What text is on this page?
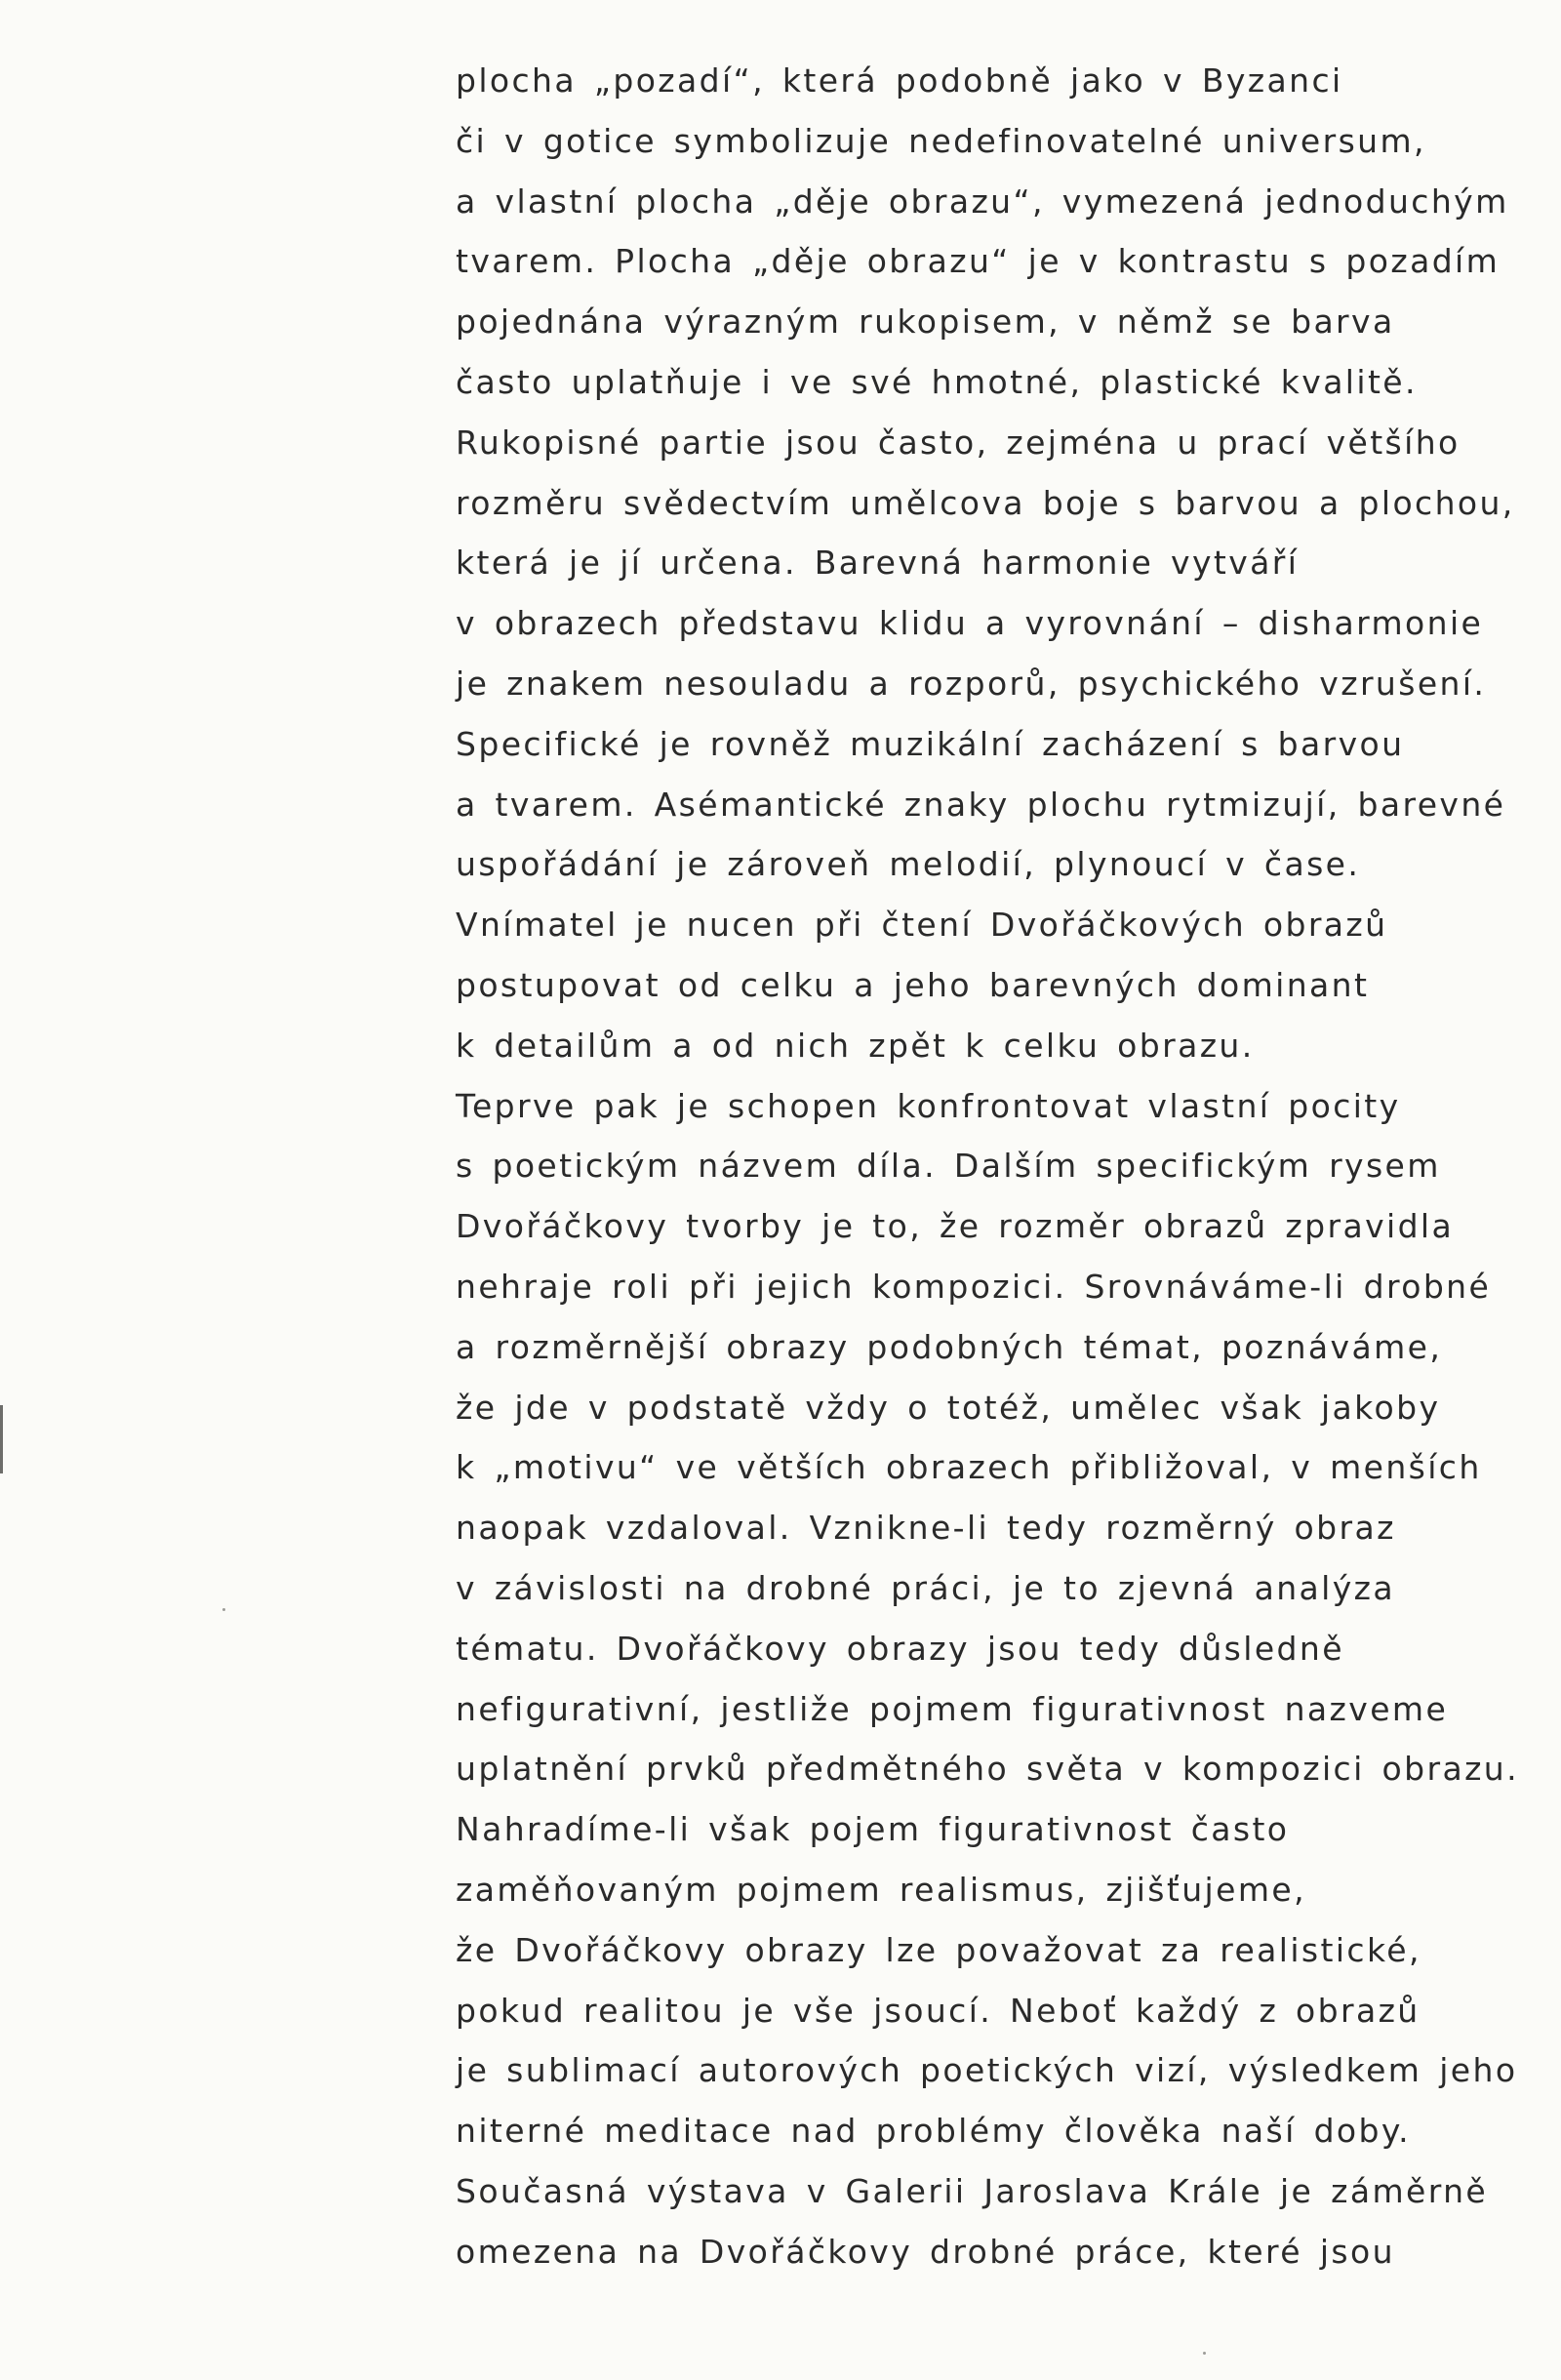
plocha „pozadí“, která podobně jako v Byzanci
či v gotice symbolizuje nedefinovatelné universum,
a vlastní plocha „děje obrazu“, vymezená jednoduchým
tvarem. Plocha „děje obrazu“ je v kontrastu s pozadím
pojednána výrazným rukopisem, v němž se barva
často uplatňuje i ve své hmotné, plastické kvalitě.
Rukopisné partie jsou často, zejména u prací většího
rozměru svědectvím umělcova boje s barvou a plochou,
která je jí určena. Barevná harmonie vytváří
v obrazech představu klidu a vyrovnání – disharmonie
je znakem nesouladu a rozporů, psychického vzrušení.
Specifické je rovněž muzikální zacházení s barvou
a tvarem. Asémantické znaky plochu rytmizují, barevné
uspořádání je zároveň melodií, plynoucí v čase.
Vnímatel je nucen při čtení Dvořáčkových obrazů
postupovat od celku a jeho barevných dominant
k detailům a od nich zpět k celku obrazu.
Teprve pak je schopen konfrontovat vlastní pocity
s poetickým názvem díla. Dalším specifickým rysem
Dvořáčkovy tvorby je to, že rozměr obrazů zpravidla
nehraje roli při jejich kompozici. Srovnáváme-li drobné
a rozměrnější obrazy podobných témat, poznáváme,
že jde v podstatě vždy o totéž, umělec však jakoby
k „motivu“ ve větších obrazech přibližoval, v menších
naopak vzdaloval. Vznikne-li tedy rozměrný obraz
v závislosti na drobné práci, je to zjevná analýza
tématu. Dvořáčkovy obrazy jsou tedy důsledně
nefigurativní, jestliže pojmem figurativnost nazveme
uplatnění prvků předmětného světa v kompozici obrazu.
Nahradíme-li však pojem figurativnost často
zaměňovaným pojmem realismus, zjišťujeme,
že Dvořáčkovy obrazy lze považovat za realistické,
pokud realitou je vše jsoucí. Neboť každý z obrazů
je sublimací autorových poetických vizí, výsledkem jeho
niterné meditace nad problémy člověka naší doby.
Současná výstava v Galerii Jaroslava Krále je záměrně
omezena na Dvořáčkovy drobné práce, které jsou
